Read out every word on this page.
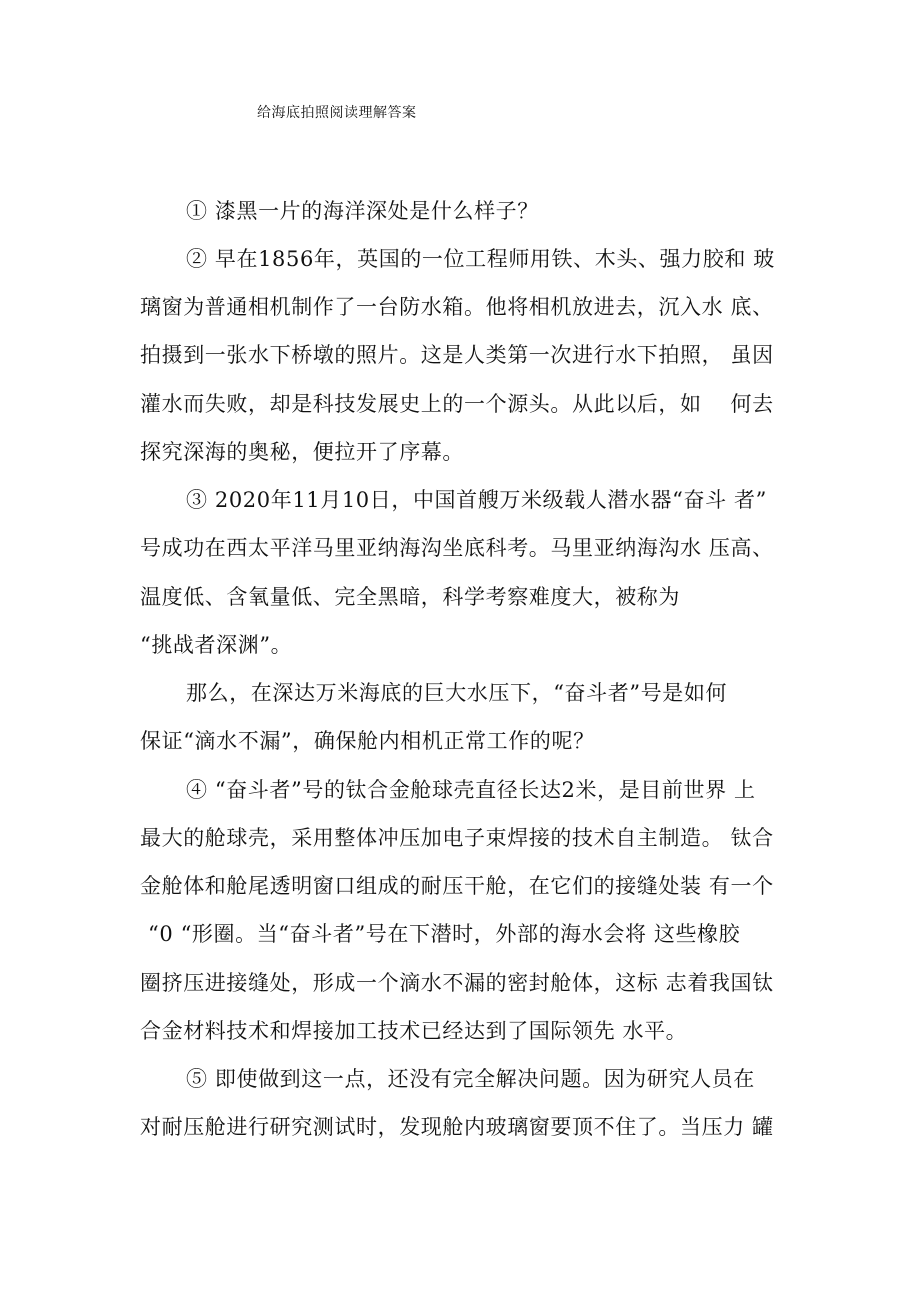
给海底拍照阅读理解答案
① 漆黑一片的海洋深处是什么样子？
② 早在1856年，英国的一位工程师用铁、木头、强力胶和 玻
璃窗为普通相机制作了一台防水箱。他将相机放进去，沉入水 底、
拍摄到一张水下桥墩的照片。这是人类第一次进行水下拍照， 虽因
灌水而失败，却是科技发展史上的一个源头。从此以后，如　 何去
探究深海的奥秘，便拉开了序幕。
③ 2020年11月10日，中国首艘万米级载人潜水器“奋斗 者”
号成功在西太平洋马里亚纳海沟坐底科考。马里亚纳海沟水 压高、
温度低、含氧量低、完全黑暗，科学考察难度大，被称为
“挑战者深渊”。
那么，在深达万米海底的巨大水压下，“奋斗者”号是如何
保证“滴水不漏”，确保舱内相机正常工作的呢？
④ “奋斗者”号的钛合金舱球壳直径长达2米，是目前世界 上
最大的舱球壳，采用整体冲压加电子束焊接的技术自主制造。 钛合
金舱体和舱尾透明窗口组成的耐压干舱，在它们的接缝处装 有一个
“0 “形圈。当“奋斗者”号在下潜时，外部的海水会将 这些橡胶
圈挤压进接缝处，形成一个滴水不漏的密封舱体，这标 志着我国钛
合金材料技术和焊接加工技术已经达到了国际领先 水平。
⑤ 即使做到这一点，还没有完全解决问题。因为研究人员在
对耐压舱进行研究测试时，发现舱内玻璃窗要顶不住了。当压力 罐
